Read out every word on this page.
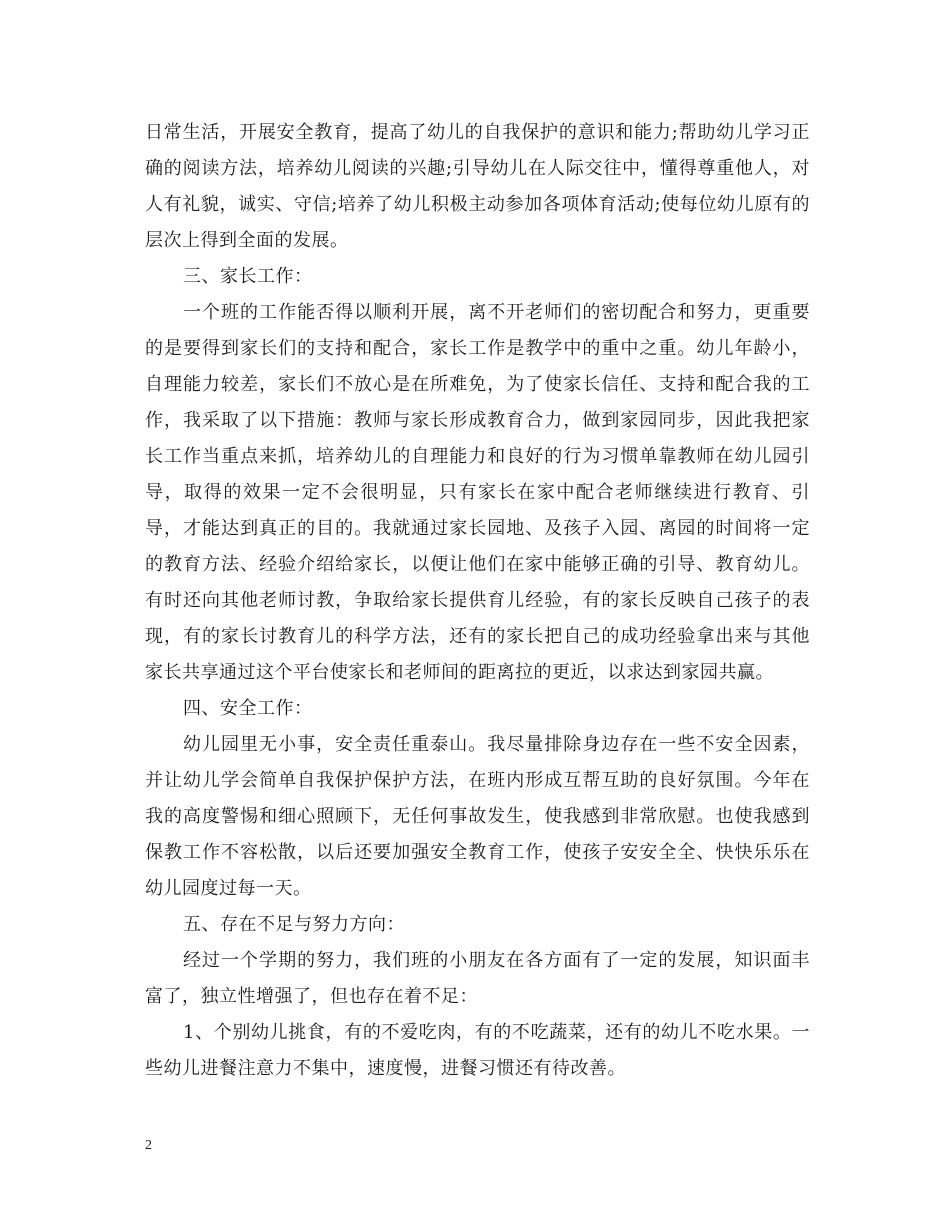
日常生活，开展安全教育，提高了幼儿的自我保护的意识和能力;帮助幼儿学习正确的阅读方法，培养幼儿阅读的兴趣;引导幼儿在人际交往中，懂得尊重他人，对人有礼貌，诚实、守信;培养了幼儿积极主动参加各项体育活动;使每位幼儿原有的层次上得到全面的发展。

三、家长工作：

一个班的工作能否得以顺利开展，离不开老师们的密切配合和努力，更重要的是要得到家长们的支持和配合，家长工作是教学中的重中之重。幼儿年龄小，自理能力较差，家长们不放心是在所难免，为了使家长信任、支持和配合我的工作，我采取了以下措施：教师与家长形成教育合力，做到家园同步，因此我把家长工作当重点来抓，培养幼儿的自理能力和良好的行为习惯单靠教师在幼儿园引导，取得的效果一定不会很明显，只有家长在家中配合老师继续进行教育、引导，才能达到真正的目的。我就通过家长园地、及孩子入园、离园的时间将一定的教育方法、经验介绍给家长，以便让他们在家中能够正确的引导、教育幼儿。有时还向其他老师讨教，争取给家长提供育儿经验，有的家长反映自己孩子的表现，有的家长讨教育儿的科学方法，还有的家长把自己的成功经验拿出来与其他家长共享通过这个平台使家长和老师间的距离拉的更近，以求达到家园共赢。

四、安全工作：

幼儿园里无小事，安全责任重泰山。我尽量排除身边存在一些不安全因素，并让幼儿学会简单自我保护保护方法，在班内形成互帮互助的良好氛围。今年在我的高度警惕和细心照顾下，无任何事故发生，使我感到非常欣慰。也使我感到保教工作不容松散，以后还要加强安全教育工作，使孩子安安全全、快快乐乐在幼儿园度过每一天。

五、存在不足与努力方向：

经过一个学期的努力，我们班的小朋友在各方面有了一定的发展，知识面丰富了，独立性增强了，但也存在着不足：

1、个别幼儿挑食，有的不爱吃肉，有的不吃蔬菜，还有的幼儿不吃水果。一些幼儿进餐注意力不集中，速度慢，进餐习惯还有待改善。

2
